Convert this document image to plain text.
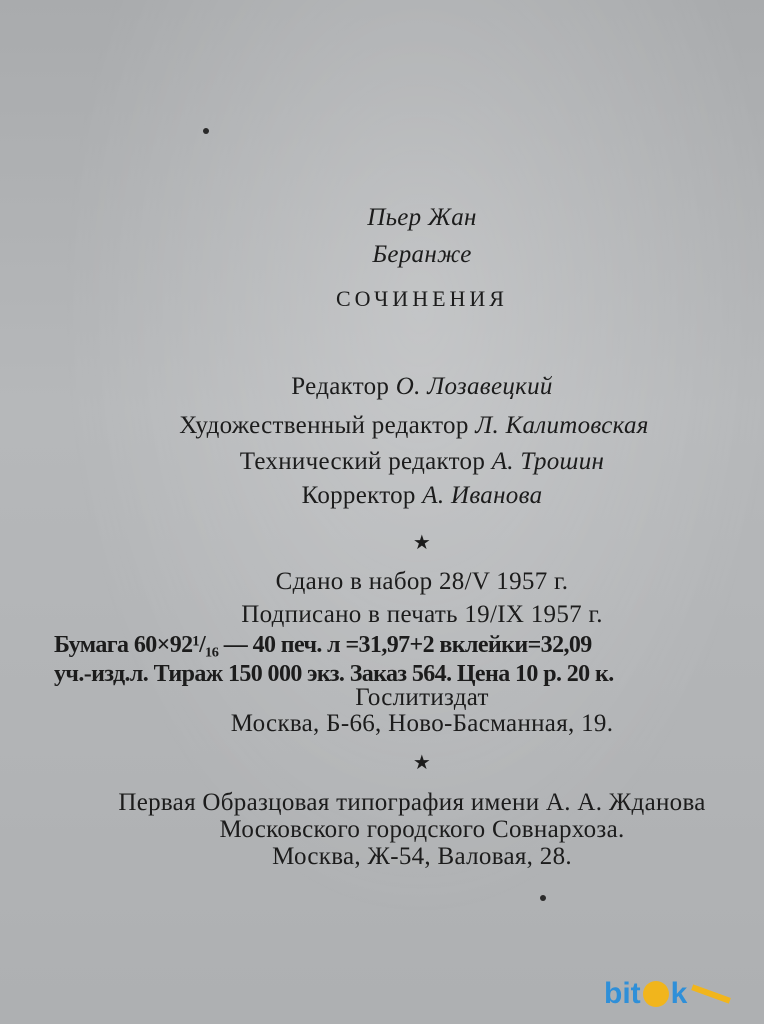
Пьер Жан
Беранже
СОЧИНЕНИЯ
Редактор О. Лозавецкий
Художественный редактор Л. Калитовская
Технический редактор А. Трошин
Корректор А. Иванова
★
Сдано в набор 28/V 1957 г.
Подписано в печать 19/IX 1957 г.
Бумага 60×92¹/₁₆ — 40 печ. л =31,97+2 вклейки=32,09
уч.-изд.л. Тираж 150 000 экз. Заказ 564. Цена 10 р. 20 к.
Гослитиздат
Москва, Б-66, Ново-Басманная, 19.
★
Первая Образцовая типография имени А. А. Жданова
Московского городского Совнархоза.
Москва, Ж-54, Валовая, 28.
bit k
